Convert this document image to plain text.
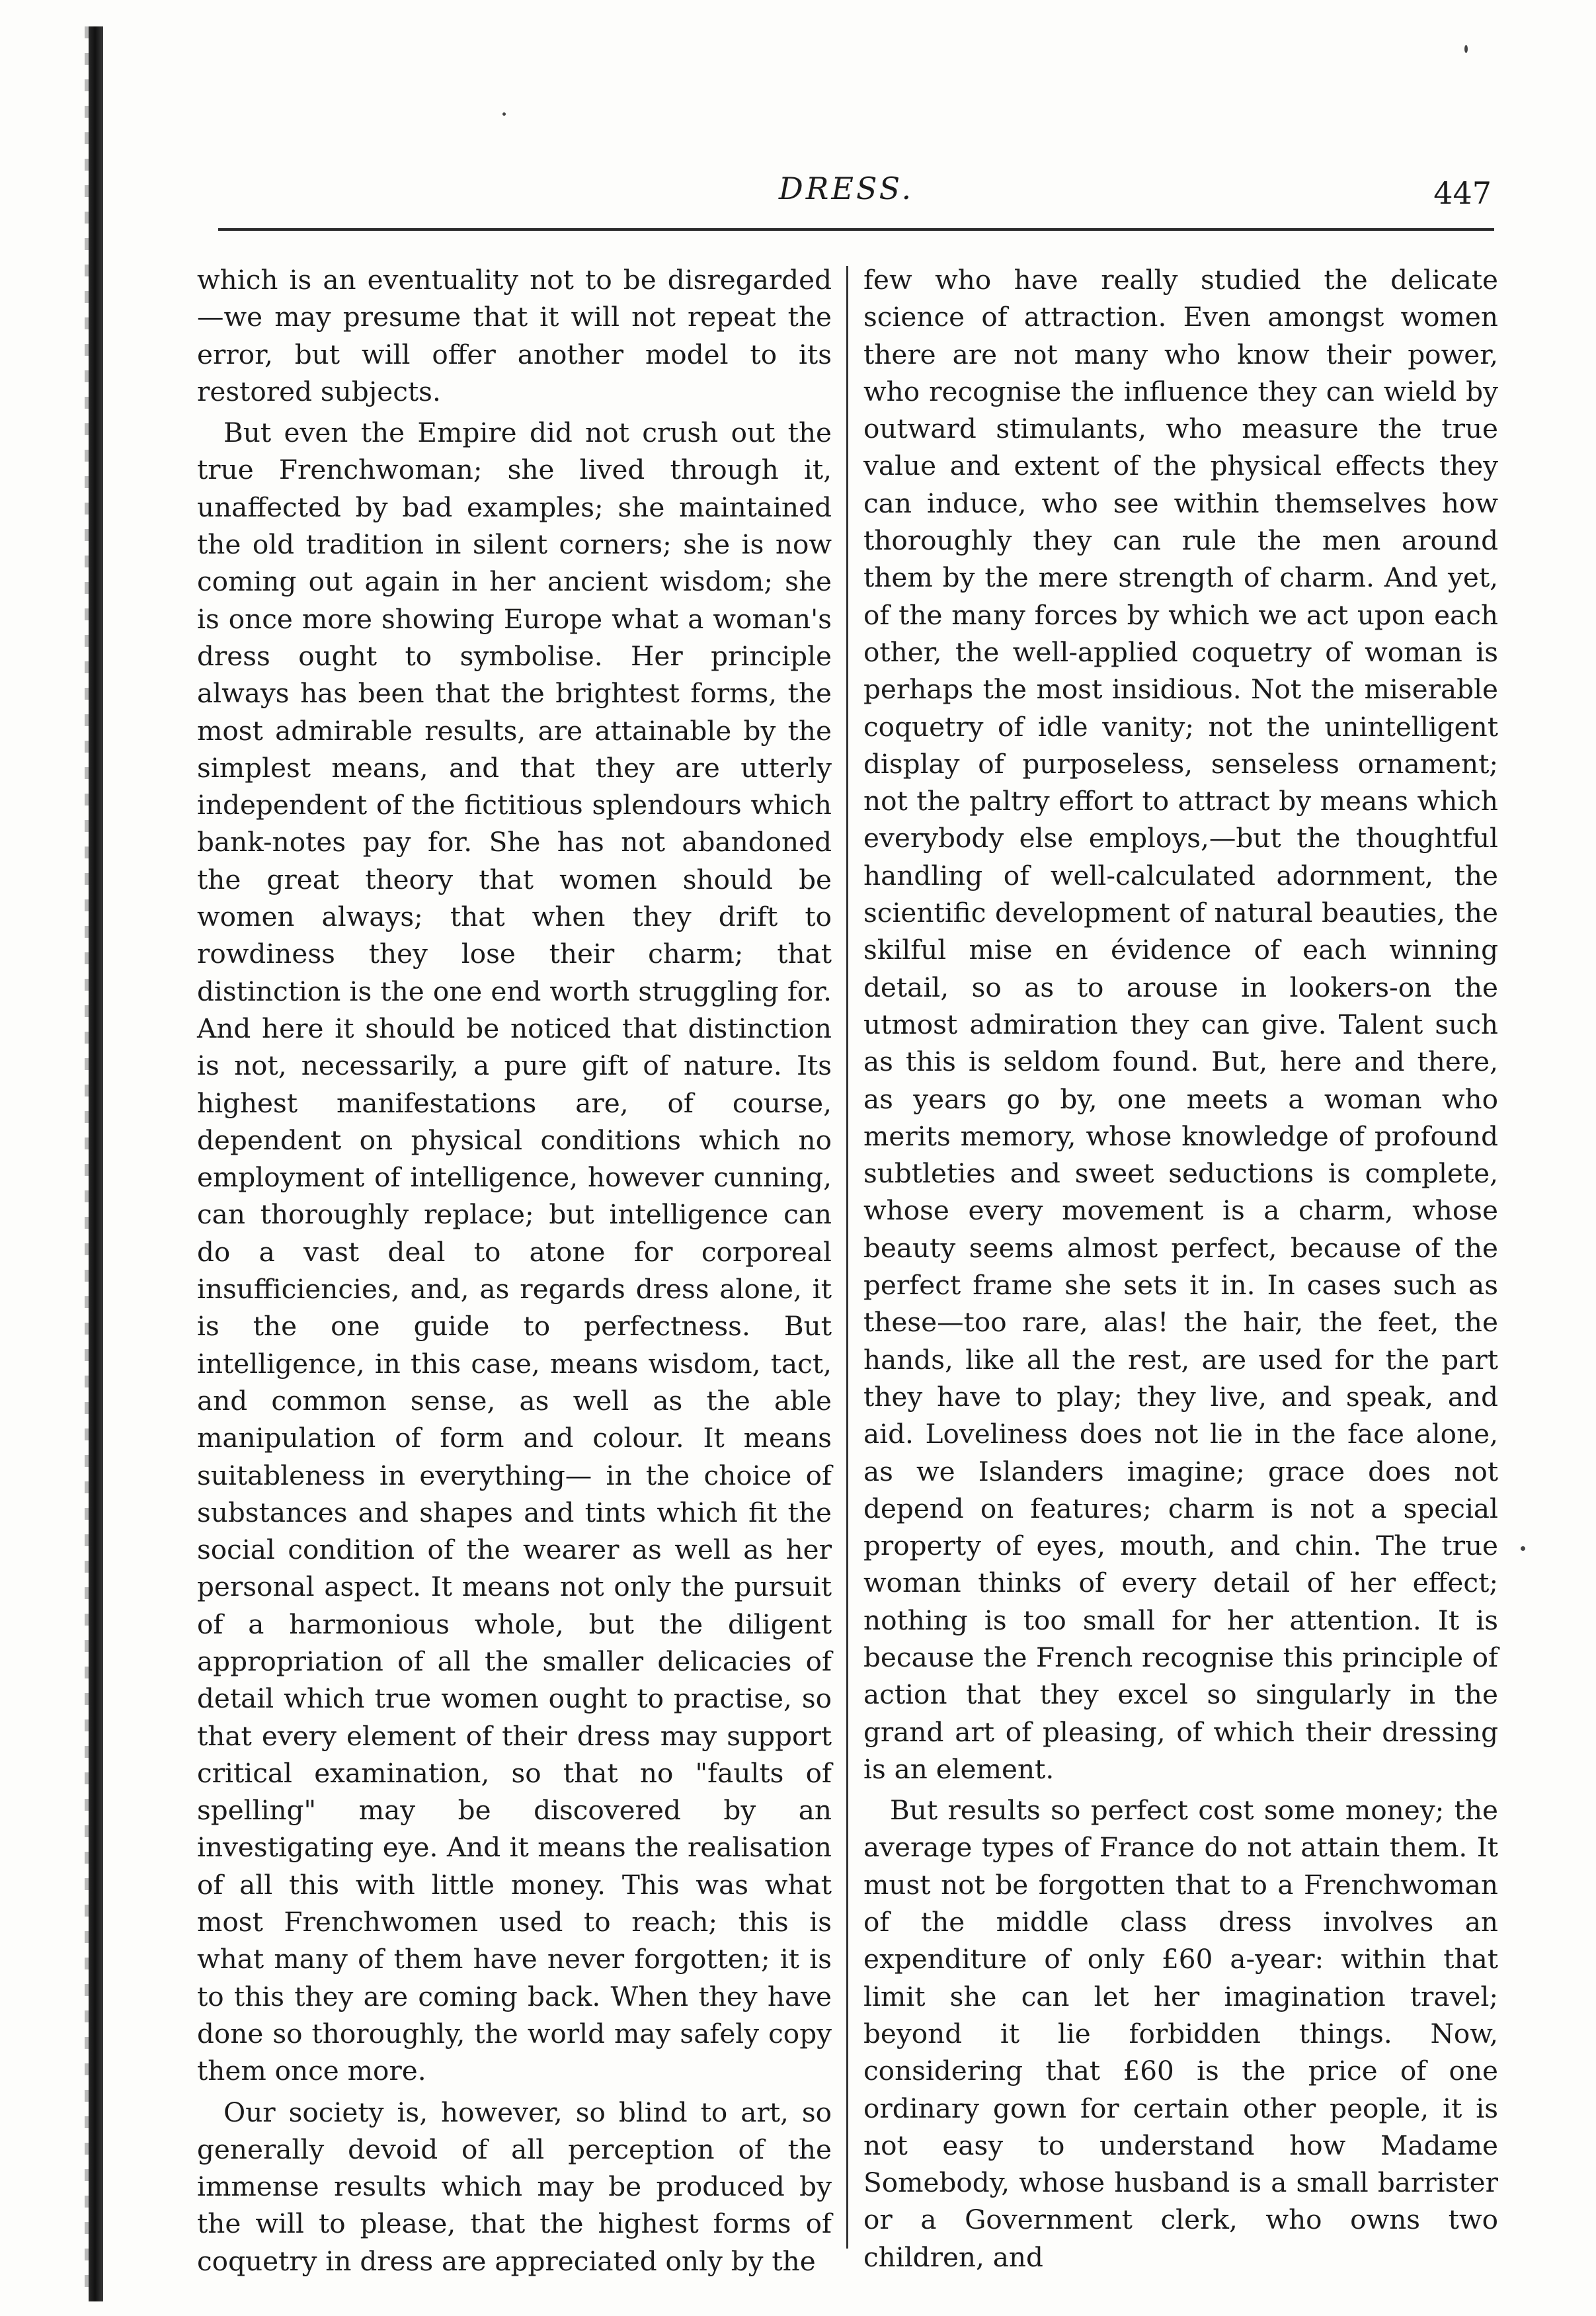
DRESS.	447

which is an eventuality not to be disregarded —we may presume that it will not repeat the error, but will offer another model to its restored subjects.

But even the Empire did not crush out the true Frenchwoman; she lived through it, unaffected by bad examples; she maintained the old tradition in silent corners; she is now coming out again in her ancient wisdom; she is once more showing Europe what a woman's dress ought to symbolise. Her principle always has been that the brightest forms, the most admirable results, are attainable by the simplest means, and that they are utterly independent of the fictitious splendours which bank-notes pay for. She has not abandoned the great theory that women should be women always; that when they drift to rowdiness they lose their charm; that distinction is the one end worth struggling for. And here it should be noticed that distinction is not, necessarily, a pure gift of nature. Its highest manifestations are, of course, dependent on physical conditions which no employment of intelligence, however cunning, can thoroughly replace; but intelligence can do a vast deal to atone for corporeal insufficiencies, and, as regards dress alone, it is the one guide to perfectness. But intelligence, in this case, means wisdom, tact, and common sense, as well as the able manipulation of form and colour. It means suitableness in everything— in the choice of substances and shapes and tints which fit the social condition of the wearer as well as her personal aspect. It means not only the pursuit of a harmonious whole, but the diligent appropriation of all the smaller delicacies of detail which true women ought to practise, so that every element of their dress may support critical examination, so that no "faults of spelling" may be discovered by an investigating eye. And it means the realisation of all this with little money. This was what most Frenchwomen used to reach; this is what many of them have never forgotten; it is to this they are coming back. When they have done so thoroughly, the world may safely copy them once more.

Our society is, however, so blind to art, so generally devoid of all perception of the immense results which may be produced by the will to please, that the highest forms of coquetry in dress are appreciated only by the

few who have really studied the delicate science of attraction. Even amongst women there are not many who know their power, who recognise the influence they can wield by outward stimulants, who measure the true value and extent of the physical effects they can induce, who see within themselves how thoroughly they can rule the men around them by the mere strength of charm. And yet, of the many forces by which we act upon each other, the well-applied coquetry of woman is perhaps the most insidious. Not the miserable coquetry of idle vanity; not the unintelligent display of purposeless, senseless ornament; not the paltry effort to attract by means which everybody else employs,—but the thoughtful handling of well-calculated adornment, the scientific development of natural beauties, the skilful mise en évidence of each winning detail, so as to arouse in lookers-on the utmost admiration they can give. Talent such as this is seldom found. But, here and there, as years go by, one meets a woman who merits memory, whose knowledge of profound subtleties and sweet seductions is complete, whose every movement is a charm, whose beauty seems almost perfect, because of the perfect frame she sets it in. In cases such as these—too rare, alas! the hair, the feet, the hands, like all the rest, are used for the part they have to play; they live, and speak, and aid. Loveliness does not lie in the face alone, as we Islanders imagine; grace does not depend on features; charm is not a special property of eyes, mouth, and chin. The true woman thinks of every detail of her effect; nothing is too small for her attention. It is because the French recognise this principle of action that they excel so singularly in the grand art of pleasing, of which their dressing is an element.

But results so perfect cost some money; the average types of France do not attain them. It must not be forgotten that to a Frenchwoman of the middle class dress involves an expenditure of only £60 a-year: within that limit she can let her imagination travel; beyond it lie forbidden things. Now, considering that £60 is the price of one ordinary gown for certain other people, it is not easy to understand how Madame Somebody, whose husband is a small barrister or a Government clerk, who owns two children, and
